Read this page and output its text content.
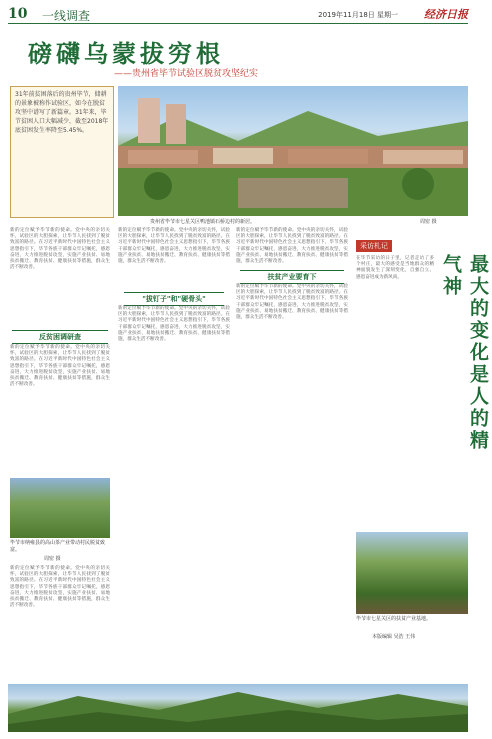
10 一线调查	2019年11月18日 星期一 经济日报
磅礴乌蒙拔穷根
——贵州省毕节试验区脱贫攻坚纪实
31年前贫困落后的贵州毕节，储耕的景象被称作试验区，如今在脱贫攻坚中谱写了新篇章。31年来，毕节贫困人口大幅减少，截至2018年底贫困发生率降至5.45%。
贵州省毕节市七星关区鸭池镇石桥边村的新居。	周密 摄
新的定位赋予毕节新的使命。党中央的亲切关怀，试验区的大胆探索，让毕节人民找到了脱贫致富的路径。在习近平新时代中国特色社会主义思想指引下，毕节各族干部群众牢记嘱托，感恩奋进，大力推进脱贫攻坚，实施产业扶贫、易地扶贫搬迁、教育扶贫、健康扶贫等措施，群众生活不断改善。
反贫困调研查
新的定位赋予毕节新的使命。党中央的亲切关怀，试验区的大胆探索，让毕节人民找到了脱贫致富的路径。在习近平新时代中国特色社会主义思想指引下，毕节各族干部群众牢记嘱托，感恩奋进，大力推进脱贫攻坚，实施产业扶贫、易地扶贫搬迁、教育扶贫、健康扶贫等措施，群众生活不断改善。
毕节市纳雍县的高山茶产业带动村民脱贫致富。
周密 摄
新的定位赋予毕节新的使命。党中央的亲切关怀，试验区的大胆探索，让毕节人民找到了脱贫致富的路径。在习近平新时代中国特色社会主义思想指引下，毕节各族干部群众牢记嘱托，感恩奋进，大力推进脱贫攻坚，实施产业扶贫、易地扶贫搬迁、教育扶贫、健康扶贫等措施，群众生活不断改善。
新的定位赋予毕节新的使命。党中央的亲切关怀，试验区的大胆探索，让毕节人民找到了脱贫致富的路径。在习近平新时代中国特色社会主义思想指引下，毕节各族干部群众牢记嘱托，感恩奋进，大力推进脱贫攻坚，实施产业扶贫、易地扶贫搬迁、教育扶贫、健康扶贫等措施，群众生活不断改善。
"拔钉子"和"硬骨头"
新的定位赋予毕节新的使命。党中央的亲切关怀，试验区的大胆探索，让毕节人民找到了脱贫致富的路径。在习近平新时代中国特色社会主义思想指引下，毕节各族干部群众牢记嘱托，感恩奋进，大力推进脱贫攻坚，实施产业扶贫、易地扶贫搬迁、教育扶贫、健康扶贫等措施，群众生活不断改善。
新的定位赋予毕节新的使命。党中央的亲切关怀，试验区的大胆探索，让毕节人民找到了脱贫致富的路径。在习近平新时代中国特色社会主义思想指引下，毕节各族干部群众牢记嘱托，感恩奋进，大力推进脱贫攻坚，实施产业扶贫、易地扶贫搬迁、教育扶贫、健康扶贫等措施，群众生活不断改善。
扶贫产业要育下
新的定位赋予毕节新的使命。党中央的亲切关怀，试验区的大胆探索，让毕节人民找到了脱贫致富的路径。在习近平新时代中国特色社会主义思想指引下，毕节各族干部群众牢记嘱托，感恩奋进，大力推进脱贫攻坚，实施产业扶贫、易地扶贫搬迁、教育扶贫、健康扶贫等措施，群众生活不断改善。
采访札记
最大的变化是人的精气神
在毕节采访的日子里，记者走访了多个村庄，最大的感受是当地群众的精神面貌发生了深刻变化，自强自立、感恩奋进成为新风尚。
毕节市七星关区的扶贫产业基地。
本版编辑 吴浩 王伟
